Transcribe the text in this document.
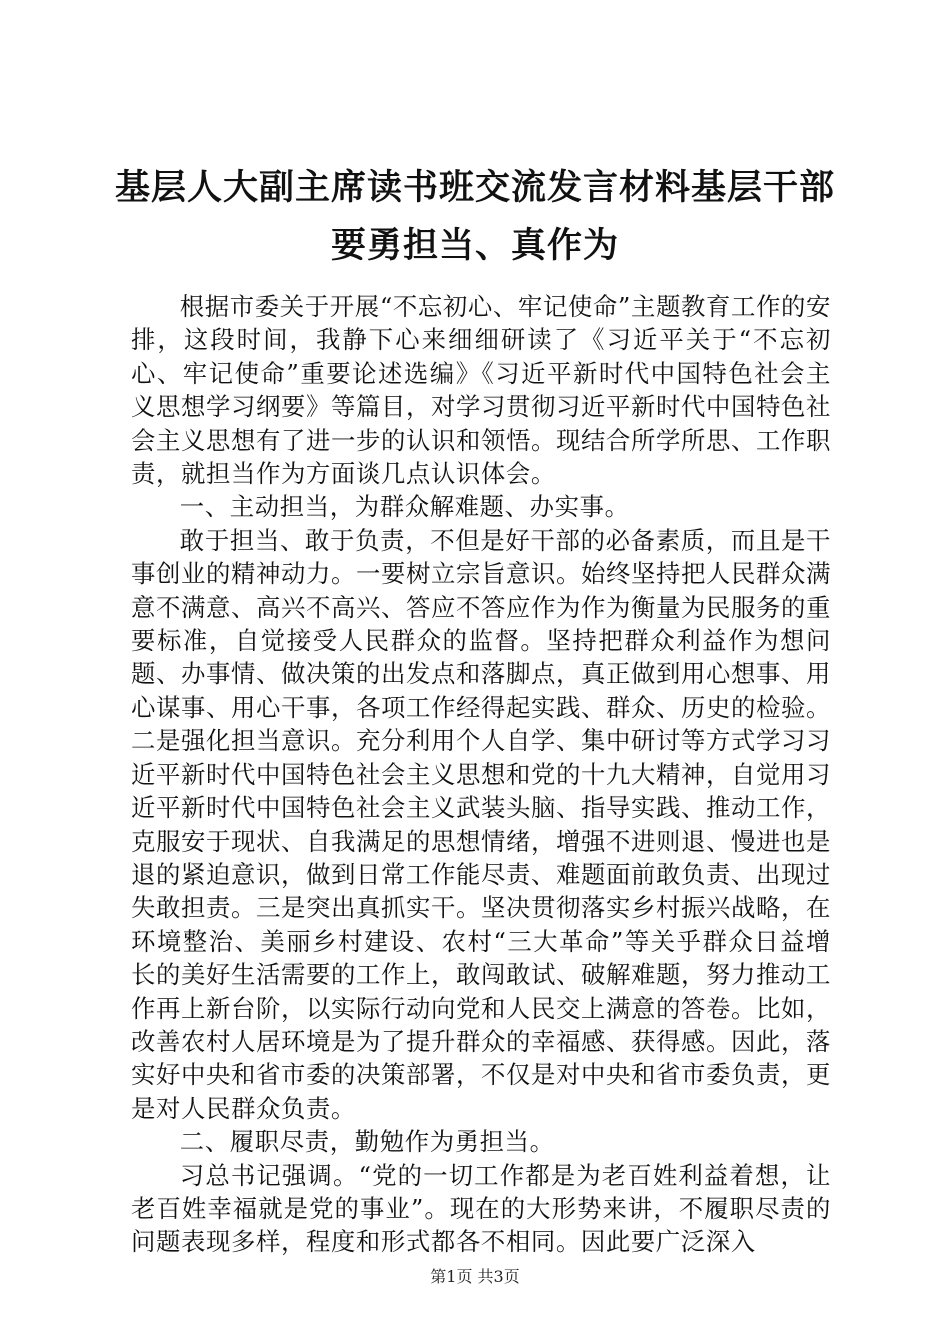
基层人大副主席读书班交流发言材料基层干部
要勇担当、真作为

根据市委关于开展“不忘初心、牢记使命”主题教育工作的安排，这段时间，我静下心来细细研读了《习近平关于“不忘初心、牢记使命”重要论述选编》《习近平新时代中国特色社会主义思想学习纲要》等篇目，对学习贯彻习近平新时代中国特色社会主义思想有了进一步的认识和领悟。现结合所学所思、工作职责，就担当作为方面谈几点认识体会。

一、主动担当，为群众解难题、办实事。

敢于担当、敢于负责，不但是好干部的必备素质，而且是干事创业的精神动力。一要树立宗旨意识。始终坚持把人民群众满意不满意、高兴不高兴、答应不答应作为作为衡量为民服务的重要标准，自觉接受人民群众的监督。坚持把群众利益作为想问题、办事情、做决策的出发点和落脚点，真正做到用心想事、用心谋事、用心干事，各项工作经得起实践、群众、历史的检验。二是强化担当意识。充分利用个人自学、集中研讨等方式学习习近平新时代中国特色社会主义思想和党的十九大精神，自觉用习近平新时代中国特色社会主义武装头脑、指导实践、推动工作，克服安于现状、自我满足的思想情绪，增强不进则退、慢进也是退的紧迫意识，做到日常工作能尽责、难题面前敢负责、出现过失敢担责。三是突出真抓实干。坚决贯彻落实乡村振兴战略，在环境整治、美丽乡村建设、农村“三大革命”等关乎群众日益增长的美好生活需要的工作上，敢闯敢试、破解难题，努力推动工作再上新台阶，以实际行动向党和人民交上满意的答卷。比如，改善农村人居环境是为了提升群众的幸福感、获得感。因此，落实好中央和省市委的决策部署，不仅是对中央和省市委负责，更是对人民群众负责。

二、履职尽责，勤勉作为勇担当。

习总书记强调。“党的一切工作都是为老百姓利益着想，让老百姓幸福就是党的事业”。现在的大形势来讲，不履职尽责的问题表现多样，程度和形式都各不相同。因此要广泛深入

第1页 共3页
